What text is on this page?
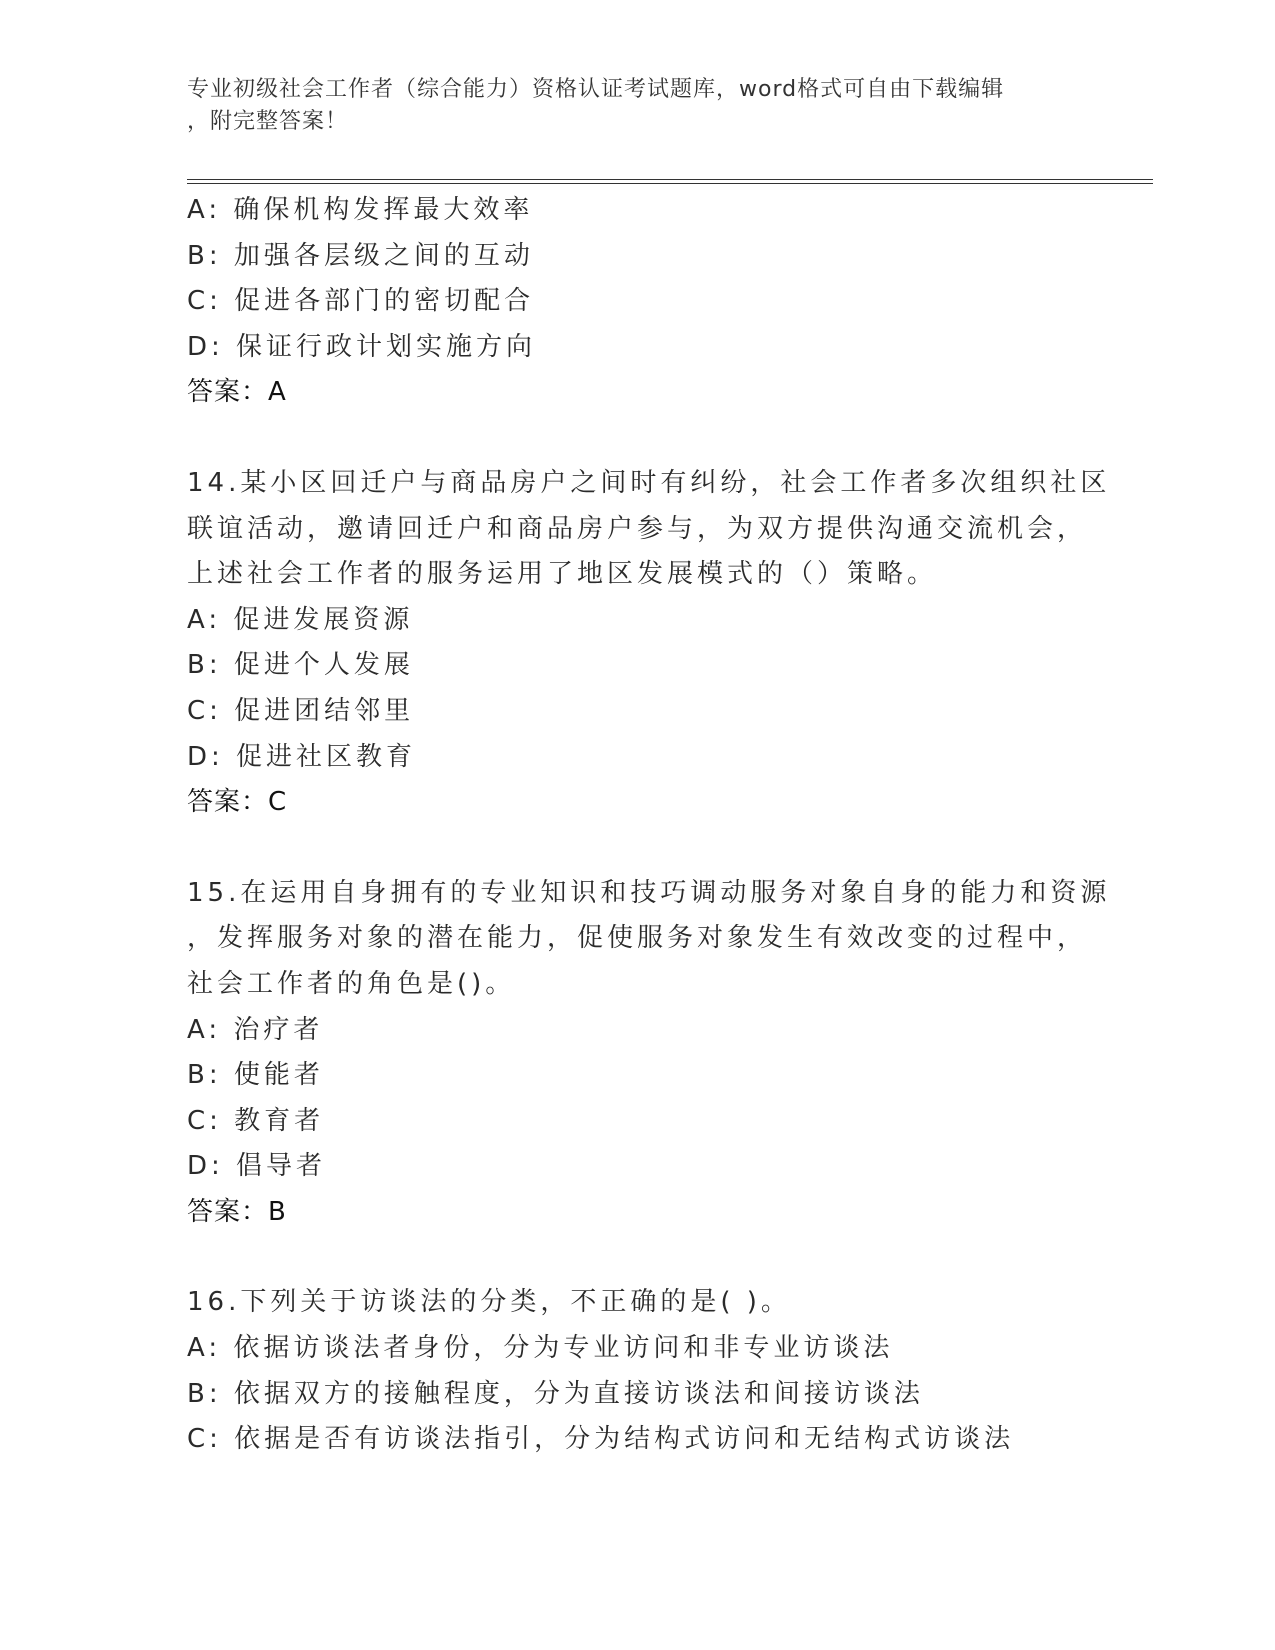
专业初级社会工作者（综合能力）资格认证考试题库，word格式可自由下载编辑
，附完整答案！
A: 确保机构发挥最大效率
B: 加强各层级之间的互动
C: 促进各部门的密切配合
D: 保证行政计划实施方向
答案：A
14.某小区回迁户与商品房户之间时有纠纷，社会工作者多次组织社区
联谊活动，邀请回迁户和商品房户参与，为双方提供沟通交流机会，
上述社会工作者的服务运用了地区发展模式的（）策略。
A: 促进发展资源
B: 促进个人发展
C: 促进团结邻里
D: 促进社区教育
答案：C
15.在运用自身拥有的专业知识和技巧调动服务对象自身的能力和资源
，发挥服务对象的潜在能力，促使服务对象发生有效改变的过程中，
社会工作者的角色是()。
A: 治疗者
B: 使能者
C: 教育者
D: 倡导者
答案：B
16.下列关于访谈法的分类，不正确的是( )。
A: 依据访谈法者身份，分为专业访问和非专业访谈法
B: 依据双方的接触程度，分为直接访谈法和间接访谈法
C: 依据是否有访谈法指引，分为结构式访问和无结构式访谈法
